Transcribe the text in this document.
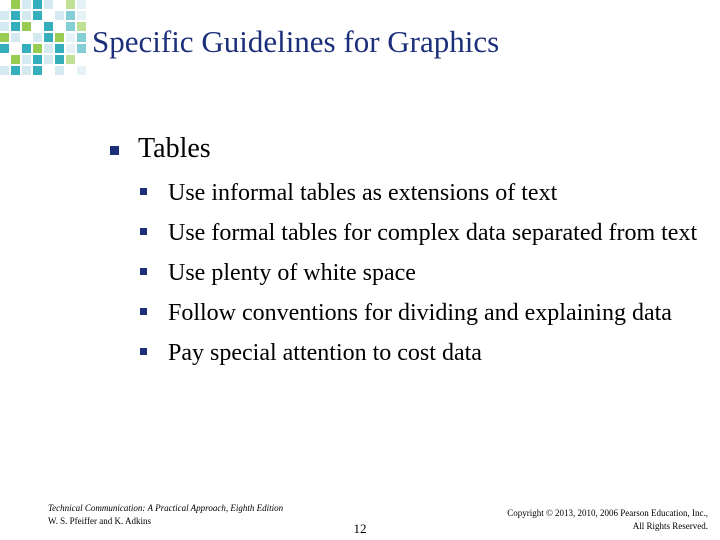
Specific Guidelines for Graphics
Tables
Use informal tables as extensions of text
Use formal tables for complex data separated from text
Use plenty of white space
Follow conventions for dividing and explaining data
Pay special attention to cost data
Technical Communication: A Practical Approach, Eighth Edition
W. S. Pfeiffer and K. Adkins	12
Copyright © 2013, 2010, 2006 Pearson Education, Inc.,
All Rights Reserved.
